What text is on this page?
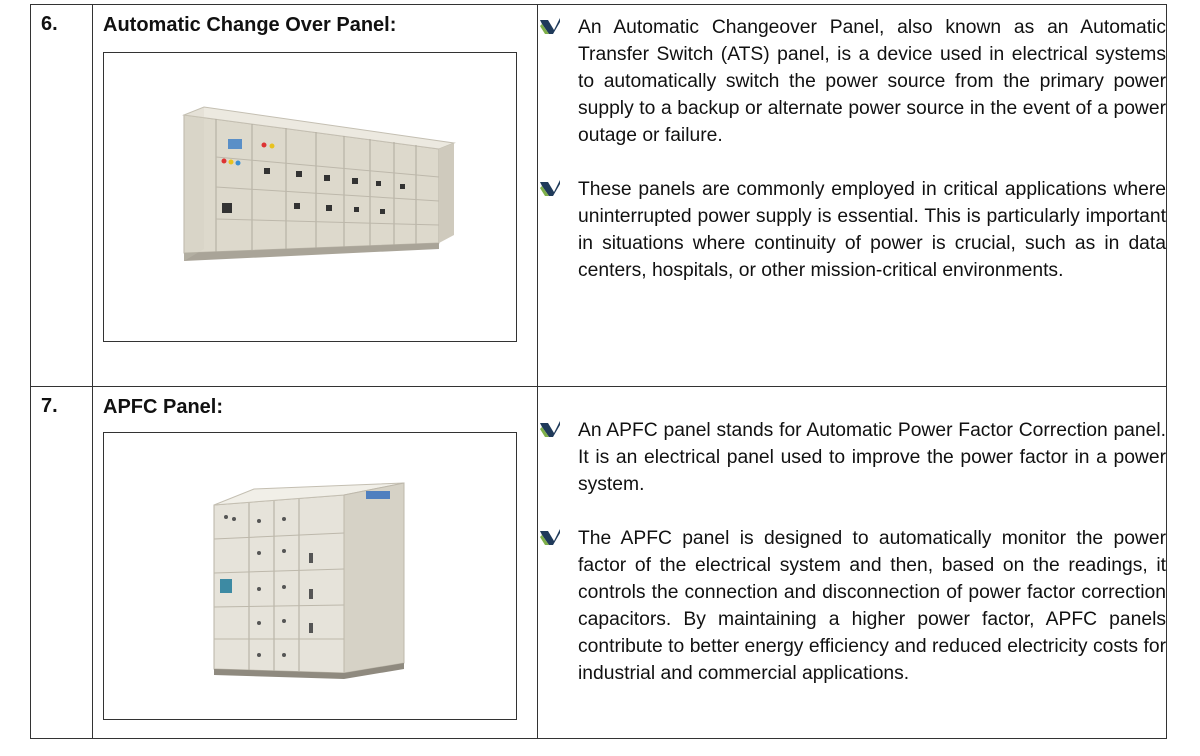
6.	Automatic Change Over Panel:	An Automatic Changeover Panel, also known as an Automatic Transfer Switch (ATS) panel, is a device used in electrical systems to automatically switch the power source from the primary power supply to a backup or alternate power source in the event of a power outage or failure.
These panels are commonly employed in critical applications where uninterrupted power supply is essential. This is particularly important in situations where continuity of power is crucial, such as in data centers, hospitals, or other mission-critical environments.

7.	APFC Panel:	An APFC panel stands for Automatic Power Factor Correction panel. It is an electrical panel used to improve the power factor in a power system.
The APFC panel is designed to automatically monitor the power factor of the electrical system and then, based on the readings, it controls the connection and disconnection of power factor correction capacitors. By maintaining a higher power factor, APFC panels contribute to better energy efficiency and reduced electricity costs for industrial and commercial applications.
